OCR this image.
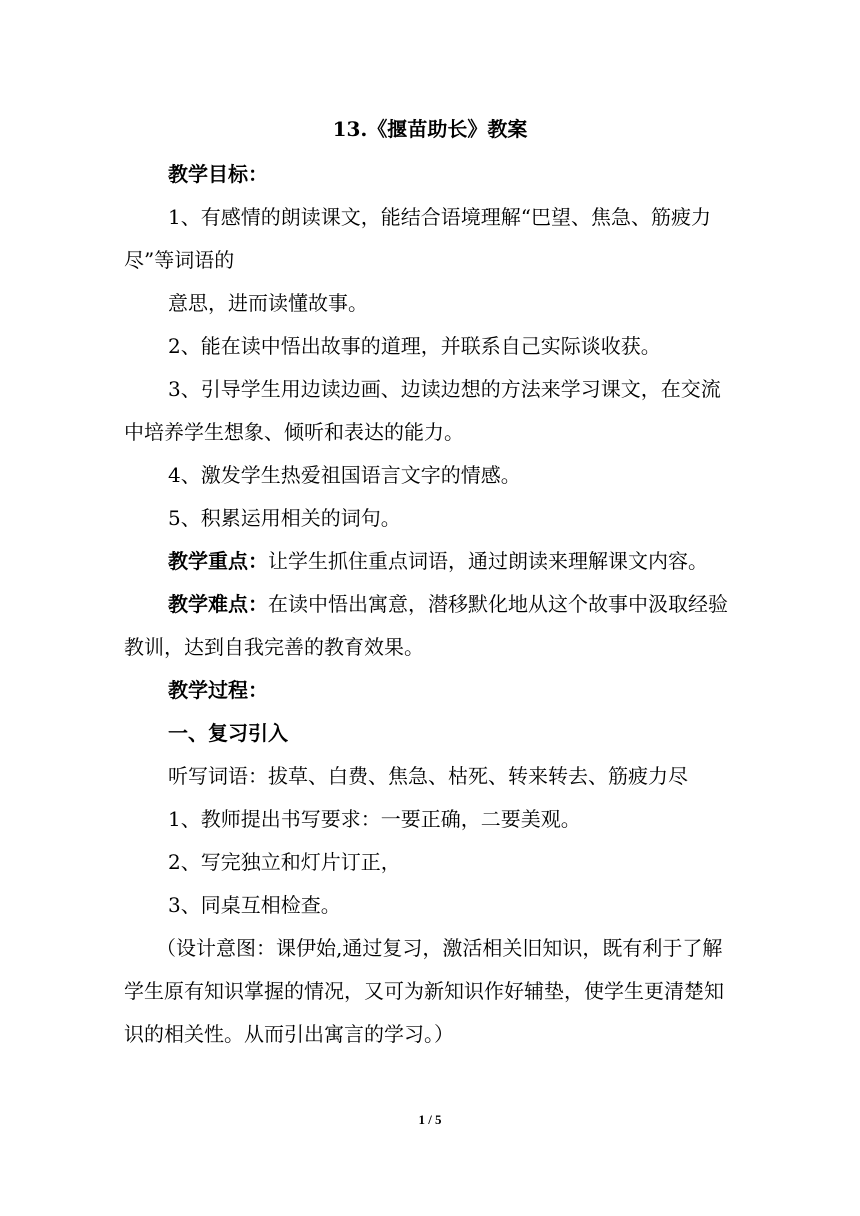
13.《揠苗助长》教案

教学目标：

1、有感情的朗读课文，能结合语境理解“巴望、焦急、筋疲力尽”等词语的

意思，进而读懂故事。

2、能在读中悟出故事的道理，并联系自己实际谈收获。

3、引导学生用边读边画、边读边想的方法来学习课文，在交流中培养学生想象、倾听和表达的能力。

4、激发学生热爱祖国语言文字的情感。

5、积累运用相关的词句。

教学重点：让学生抓住重点词语，通过朗读来理解课文内容。

教学难点：在读中悟出寓意，潜移默化地从这个故事中汲取经验教训，达到自我完善的教育效果。

教学过程：

一、复习引入

听写词语：拔草、白费、焦急、枯死、转来转去、筋疲力尽

1、教师提出书写要求：一要正确，二要美观。

2、写完独立和灯片订正，

3、同桌互相检查。

（设计意图：课伊始,通过复习，激活相关旧知识，既有利于了解学生原有知识掌握的情况，又可为新知识作好辅垫，使学生更清楚知识的相关性。从而引出寓言的学习。）

1 / 5
